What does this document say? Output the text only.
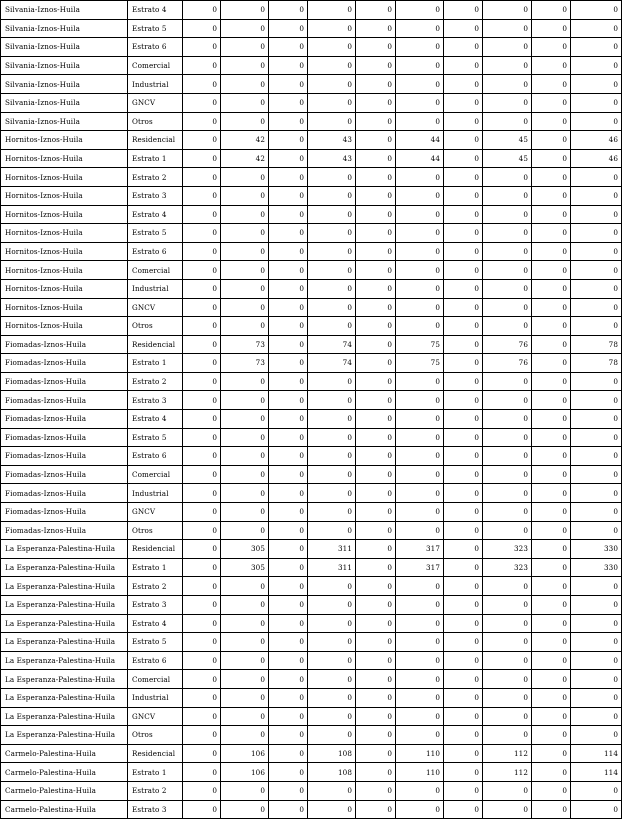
Silvania-Iznos-Huila	Estrato 4	0	0	0	0	0	0	0	0	0	0
Silvania-Iznos-Huila	Estrato 5	0	0	0	0	0	0	0	0	0	0
Silvania-Iznos-Huila	Estrato 6	0	0	0	0	0	0	0	0	0	0
Silvania-Iznos-Huila	Comercial	0	0	0	0	0	0	0	0	0	0
Silvania-Iznos-Huila	Industrial	0	0	0	0	0	0	0	0	0	0
Silvania-Iznos-Huila	GNCV	0	0	0	0	0	0	0	0	0	0
Silvania-Iznos-Huila	Otros	0	0	0	0	0	0	0	0	0	0
Hornitos-Iznos-Huila	Residencial	0	42	0	43	0	44	0	45	0	46
Hornitos-Iznos-Huila	Estrato 1	0	42	0	43	0	44	0	45	0	46
Hornitos-Iznos-Huila	Estrato 2	0	0	0	0	0	0	0	0	0	0
Hornitos-Iznos-Huila	Estrato 3	0	0	0	0	0	0	0	0	0	0
Hornitos-Iznos-Huila	Estrato 4	0	0	0	0	0	0	0	0	0	0
Hornitos-Iznos-Huila	Estrato 5	0	0	0	0	0	0	0	0	0	0
Hornitos-Iznos-Huila	Estrato 6	0	0	0	0	0	0	0	0	0	0
Hornitos-Iznos-Huila	Comercial	0	0	0	0	0	0	0	0	0	0
Hornitos-Iznos-Huila	Industrial	0	0	0	0	0	0	0	0	0	0
Hornitos-Iznos-Huila	GNCV	0	0	0	0	0	0	0	0	0	0
Hornitos-Iznos-Huila	Otros	0	0	0	0	0	0	0	0	0	0
Fiomadas-Iznos-Huila	Residencial	0	73	0	74	0	75	0	76	0	78
Fiomadas-Iznos-Huila	Estrato 1	0	73	0	74	0	75	0	76	0	78
Fiomadas-Iznos-Huila	Estrato 2	0	0	0	0	0	0	0	0	0	0
Fiomadas-Iznos-Huila	Estrato 3	0	0	0	0	0	0	0	0	0	0
Fiomadas-Iznos-Huila	Estrato 4	0	0	0	0	0	0	0	0	0	0
Fiomadas-Iznos-Huila	Estrato 5	0	0	0	0	0	0	0	0	0	0
Fiomadas-Iznos-Huila	Estrato 6	0	0	0	0	0	0	0	0	0	0
Fiomadas-Iznos-Huila	Comercial	0	0	0	0	0	0	0	0	0	0
Fiomadas-Iznos-Huila	Industrial	0	0	0	0	0	0	0	0	0	0
Fiomadas-Iznos-Huila	GNCV	0	0	0	0	0	0	0	0	0	0
Fiomadas-Iznos-Huila	Otros	0	0	0	0	0	0	0	0	0	0
La Esperanza-Palestina-Huila	Residencial	0	305	0	311	0	317	0	323	0	330
La Esperanza-Palestina-Huila	Estrato 1	0	305	0	311	0	317	0	323	0	330
La Esperanza-Palestina-Huila	Estrato 2	0	0	0	0	0	0	0	0	0	0
La Esperanza-Palestina-Huila	Estrato 3	0	0	0	0	0	0	0	0	0	0
La Esperanza-Palestina-Huila	Estrato 4	0	0	0	0	0	0	0	0	0	0
La Esperanza-Palestina-Huila	Estrato 5	0	0	0	0	0	0	0	0	0	0
La Esperanza-Palestina-Huila	Estrato 6	0	0	0	0	0	0	0	0	0	0
La Esperanza-Palestina-Huila	Comercial	0	0	0	0	0	0	0	0	0	0
La Esperanza-Palestina-Huila	Industrial	0	0	0	0	0	0	0	0	0	0
La Esperanza-Palestina-Huila	GNCV	0	0	0	0	0	0	0	0	0	0
La Esperanza-Palestina-Huila	Otros	0	0	0	0	0	0	0	0	0	0
Carmelo-Palestina-Huila	Residencial	0	106	0	108	0	110	0	112	0	114
Carmelo-Palestina-Huila	Estrato 1	0	106	0	108	0	110	0	112	0	114
Carmelo-Palestina-Huila	Estrato 2	0	0	0	0	0	0	0	0	0	0
Carmelo-Palestina-Huila	Estrato 3	0	0	0	0	0	0	0	0	0	0
